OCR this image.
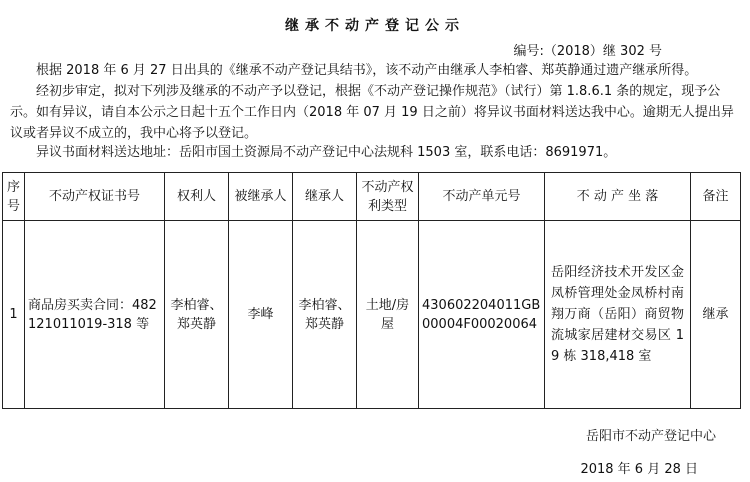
继承不动产登记公示
编号:（2018）继 302 号

根据 2018 年 6 月 27 日出具的《继承不动产登记具结书》，该不动产由继承人李柏睿、郑英静通过遗产继承所得。

经初步审定，拟对下列涉及继承的不动产予以登记，根据《不动产登记操作规范》（试行）第 1.8.6.1 条的规定，现予公示。如有异议，请自本公示之日起十五个工作日内（2018 年 07 月 19 日之前）将异议书面材料送达我中心。逾期无人提出异议或者异议不成立的，我中心将予以登记。

异议书面材料送达地址：岳阳市国土资源局不动产登记中心法规科 1503 室，联系电话：8691971。

序号	不动产权证书号	权利人	被继承人	继承人	不动产权利类型	不动产单元号	不 动 产 坐 落	备注
1	商品房买卖合同：482121011019-318 等	李柏睿、郑英静	李峰	李柏睿、郑英静	土地/房屋	430602204011GB00004F00020064	岳阳经济技术开发区金凤桥管理处金凤桥村南翔万商（岳阳）商贸物流城家居建材交易区 19 栋 318,418 室	继承
岳阳市不动产登记中心
2018 年 6 月 28 日
